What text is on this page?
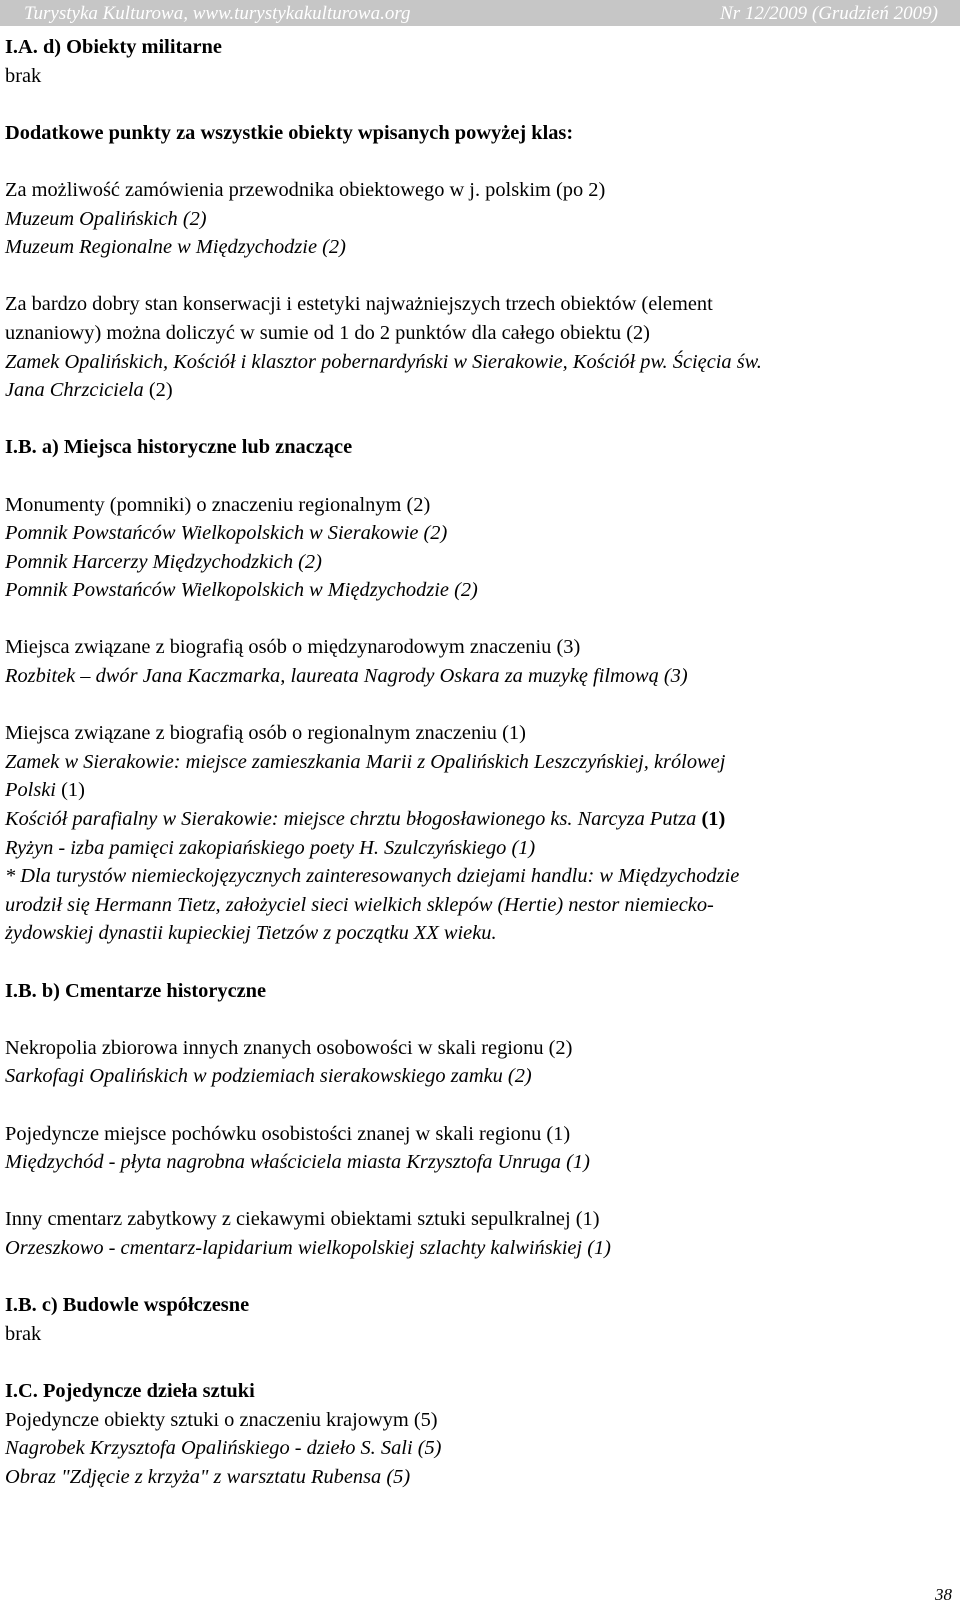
Turystyka Kulturowa, www.turystykakulturowa.org	Nr 12/2009 (Grudzień 2009)
I.A. d) Obiekty militarne

brak

Dodatkowe punkty za wszystkie obiekty wpisanych powyżej klas:

Za możliwość zamówienia przewodnika obiektowego w j. polskim (po 2)

Muzeum Opalińskich (2)

Muzeum Regionalne w Międzychodzie (2)

Za bardzo dobry stan konserwacji i estetyki najważniejszych trzech obiektów (element

uznaniowy) można doliczyć w sumie od 1 do 2 punktów dla całego obiektu (2)

Zamek Opalińskich, Kościół i klasztor pobernardyński w Sierakowie, Kościół pw. Ścięcia św.

Jana Chrzciciela (2)

I.B. a) Miejsca historyczne lub znaczące

Monumenty (pomniki) o znaczeniu regionalnym (2)

Pomnik Powstańców Wielkopolskich w Sierakowie (2)

Pomnik Harcerzy Międzychodzkich (2)

Pomnik Powstańców Wielkopolskich w Międzychodzie (2)

Miejsca związane z biografią osób o międzynarodowym znaczeniu (3)

Rozbitek – dwór Jana Kaczmarka, laureata Nagrody Oskara za muzykę filmową (3)

Miejsca związane z biografią osób o regionalnym znaczeniu (1)

Zamek w Sierakowie: miejsce zamieszkania Marii z Opalińskich Leszczyńskiej, królowej

Polski (1)

Kościół parafialny w Sierakowie: miejsce chrztu błogosławionego ks. Narcyza Putza (1)

Ryżyn - izba pamięci zakopiańskiego poety H. Szulczyńskiego (1)

* Dla turystów niemieckojęzycznych zainteresowanych dziejami handlu: w Międzychodzie

urodził się Hermann Tietz, założyciel sieci wielkich sklepów (Hertie) nestor niemiecko-

żydowskiej dynastii kupieckiej Tietzów z początku XX wieku.

I.B. b) Cmentarze historyczne

Nekropolia zbiorowa innych znanych osobowości w skali regionu (2)

Sarkofagi Opalińskich w podziemiach sierakowskiego zamku (2)

Pojedyncze miejsce pochówku osobistości znanej w skali regionu (1)

Międzychód - płyta nagrobna właściciela miasta Krzysztofa Unruga (1)

Inny cmentarz zabytkowy z ciekawymi obiektami sztuki sepulkralnej (1)

Orzeszkowo - cmentarz-lapidarium wielkopolskiej szlachty kalwińskiej (1)

I.B. c) Budowle współczesne

brak

I.C. Pojedyncze dzieła sztuki

Pojedyncze obiekty sztuki o znaczeniu krajowym (5)

Nagrobek Krzysztofa Opalińskiego - dzieło S. Sali (5)

Obraz "Zdjęcie z krzyża" z warsztatu Rubensa (5)

38
